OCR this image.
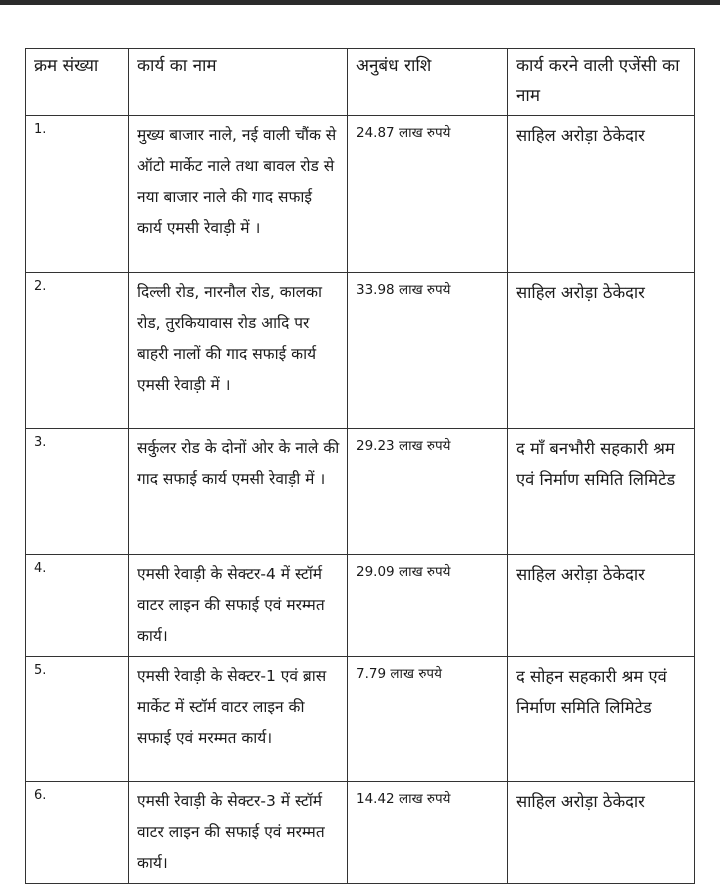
क्रम संख्या	कार्य का नाम	अनुबंध राशि	कार्य करने वाली एजेंसी का नाम
1.	मुख्य बाजार नाले, नई वाली चौंक से ऑटो मार्केट नाले तथा बावल रोड से नया बाजार नाले की गाद सफाई कार्य एमसी रेवाड़ी में ।	24.87 लाख रुपये	साहिल अरोड़ा ठेकेदार
2.	दिल्ली रोड, नारनौल रोड, कालका रोड, तुरकियावास रोड आदि पर बाहरी नालों की गाद सफाई कार्य एमसी रेवाड़ी में ।	33.98 लाख रुपये	साहिल अरोड़ा ठेकेदार
3.	सर्कुलर रोड के दोनों ओर के नाले की गाद सफाई कार्य एमसी रेवाड़ी में ।	29.23 लाख रुपये	द माँ बनभौरी सहकारी श्रम एवं निर्माण समिति लिमिटेड
4.	एमसी रेवाड़ी के सेक्टर-4 में स्टॉर्म वाटर लाइन की सफाई एवं मरम्मत कार्य।	29.09 लाख रुपये	साहिल अरोड़ा ठेकेदार
5.	एमसी रेवाड़ी के सेक्टर-1 एवं ब्रास मार्केट में स्टॉर्म वाटर लाइन की सफाई एवं मरम्मत कार्य।	7.79 लाख रुपये	द सोहन सहकारी श्रम एवं निर्माण समिति लिमिटेड
6.	एमसी रेवाड़ी के सेक्टर-3 में स्टॉर्म वाटर लाइन की सफाई एवं मरम्मत कार्य।	14.42 लाख रुपये	साहिल अरोड़ा ठेकेदार
